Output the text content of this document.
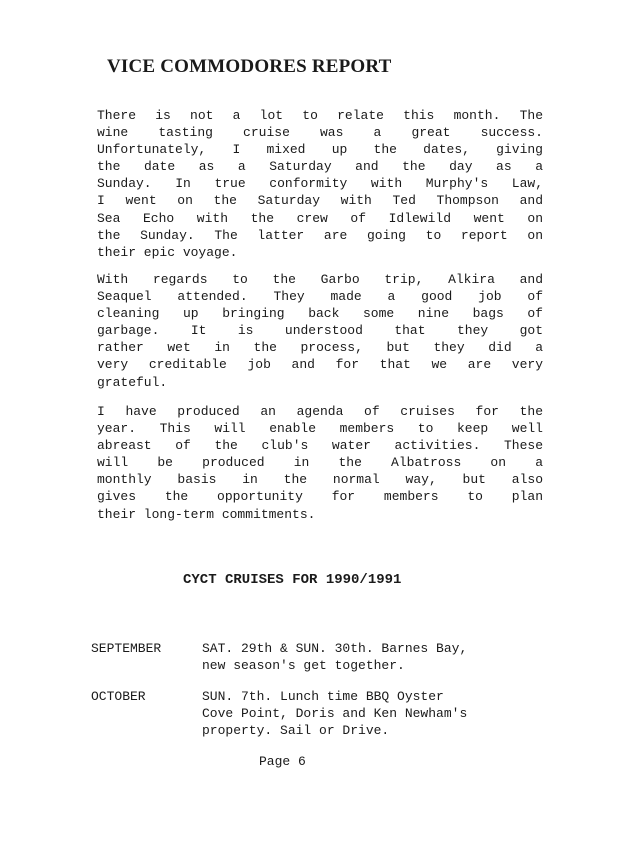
VICE COMMODORES REPORT
There is not a lot to relate this month. The
wine tasting cruise was a great success.
Unfortunately, I mixed up the dates, giving
the date as a Saturday and the day as a
Sunday. In true conformity with Murphy's Law,
I went on the Saturday with Ted Thompson and
Sea Echo with the crew of Idlewild went on
the Sunday. The latter are going to report on
their epic voyage.
With regards to the Garbo trip, Alkira and
Seaquel attended. They made a good job of
cleaning up bringing back some nine bags of
garbage. It is understood that they got
rather wet in the process, but they did a
very creditable job and for that we are very
grateful.
I have produced an agenda of cruises for the
year. This will enable members to keep well
abreast of the club's water activities. These
will be produced in the Albatross on a
monthly basis in the normal way, but also
gives the opportunity for members to plan
their long-term commitments.
CYCT CRUISES FOR 1990/1991
SEPTEMBER	SAT. 29th & SUN. 30th. Barnes Bay,
new season's get together.
OCTOBER	SUN. 7th. Lunch time BBQ Oyster
Cove Point, Doris and Ken Newham's
property. Sail or Drive.
Page 6
